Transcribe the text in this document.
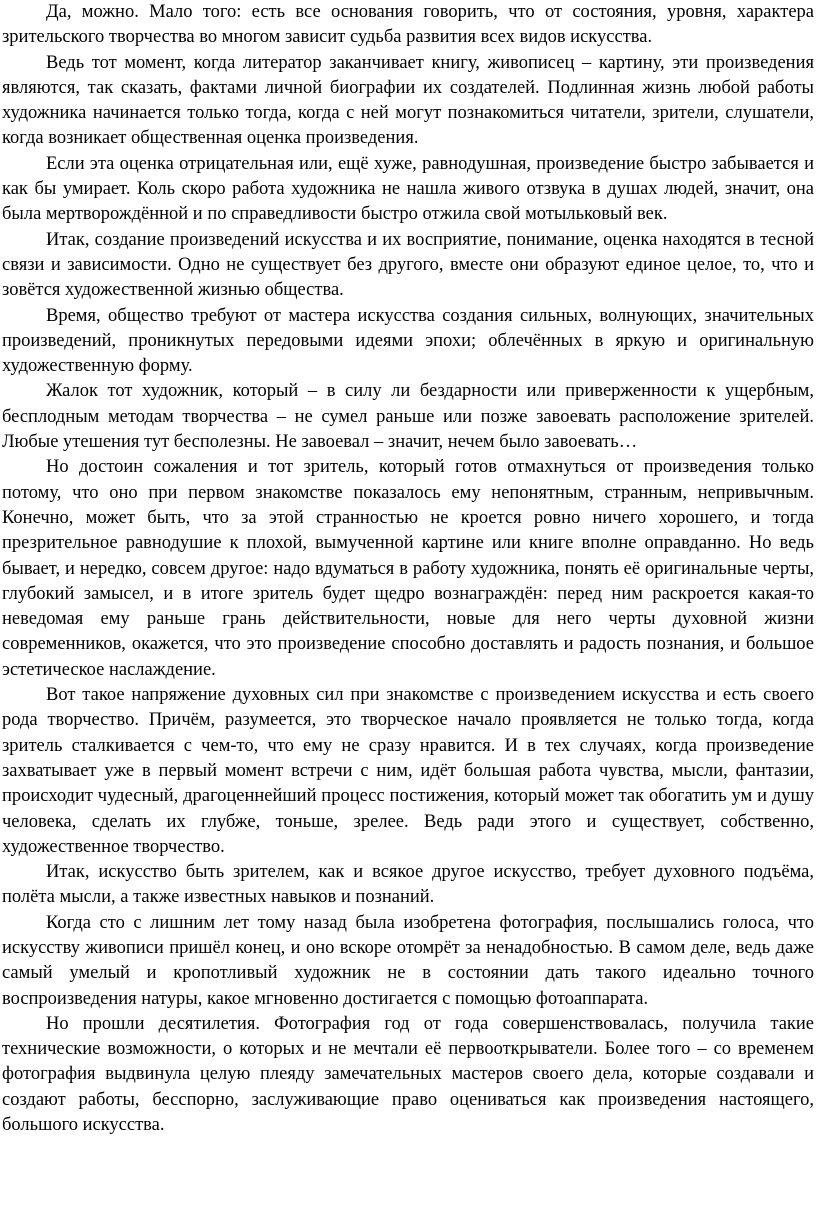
Да, можно. Мало того: есть все основания говорить, что от состояния, уровня, характера зрительского творчества во многом зависит судьба развития всех видов искусства.

Ведь тот момент, когда литератор заканчивает книгу, живописец – картину, эти произведения являются, так сказать, фактами личной биографии их создателей. Подлинная жизнь любой работы художника начинается только тогда, когда с ней могут познакомиться читатели, зрители, слушатели, когда возникает общественная оценка произведения.

Если эта оценка отрицательная или, ещё хуже, равнодушная, произведение быстро забывается и как бы умирает. Коль скоро работа художника не нашла живого отзвука в душах людей, значит, она была мертворождённой и по справедливости быстро отжила свой мотыльковый век.

Итак, создание произведений искусства и их восприятие, понимание, оценка находятся в тесной связи и зависимости. Одно не существует без другого, вместе они образуют единое целое, то, что и зовётся художественной жизнью общества.

Время, общество требуют от мастера искусства создания сильных, волнующих, значительных произведений, проникнутых передовыми идеями эпохи; облечённых в яркую и оригинальную художественную форму.

Жалок тот художник, который – в силу ли бездарности или приверженности к ущербным, бесплодным методам творчества – не сумел раньше или позже завоевать расположение зрителей. Любые утешения тут бесполезны. Не завоевал – значит, нечем было завоевать…

Но достоин сожаления и тот зритель, который готов отмахнуться от произведения только потому, что оно при первом знакомстве показалось ему непонятным, странным, непривычным. Конечно, может быть, что за этой странностью не кроется ровно ничего хорошего, и тогда презрительное равнодушие к плохой, вымученной картине или книге вполне оправданно. Но ведь бывает, и нередко, совсем другое: надо вдуматься в работу художника, понять её оригинальные черты, глубокий замысел, и в итоге зритель будет щедро вознаграждён: перед ним раскроется какая-то неведомая ему раньше грань действительности, новые для него черты духовной жизни современников, окажется, что это произведение способно доставлять и радость познания, и большое эстетическое наслаждение.

Вот такое напряжение духовных сил при знакомстве с произведением искусства и есть своего рода творчество. Причём, разумеется, это творческое начало проявляется не только тогда, когда зритель сталкивается с чем-то, что ему не сразу нравится. И в тех случаях, когда произведение захватывает уже в первый момент встречи с ним, идёт большая работа чувства, мысли, фантазии, происходит чудесный, драгоценнейший процесс постижения, который может так обогатить ум и душу человека, сделать их глубже, тоньше, зрелее. Ведь ради этого и существует, собственно, художественное творчество.

Итак, искусство быть зрителем, как и всякое другое искусство, требует духовного подъёма, полёта мысли, а также известных навыков и познаний.

Когда сто с лишним лет тому назад была изобретена фотография, послышались голоса, что искусству живописи пришёл конец, и оно вскоре отомрёт за ненадобностью. В самом деле, ведь даже самый умелый и кропотливый художник не в состоянии дать такого идеально точного воспроизведения натуры, какое мгновенно достигается с помощью фотоаппарата.

Но прошли десятилетия. Фотография год от года совершенствовалась, получила такие технические возможности, о которых и не мечтали её первооткрыватели. Более того – со временем фотография выдвинула целую плеяду замечательных мастеров своего дела, которые создавали и создают работы, бесспорно, заслуживающие право оцениваться как произведения настоящего, большого искусства.
